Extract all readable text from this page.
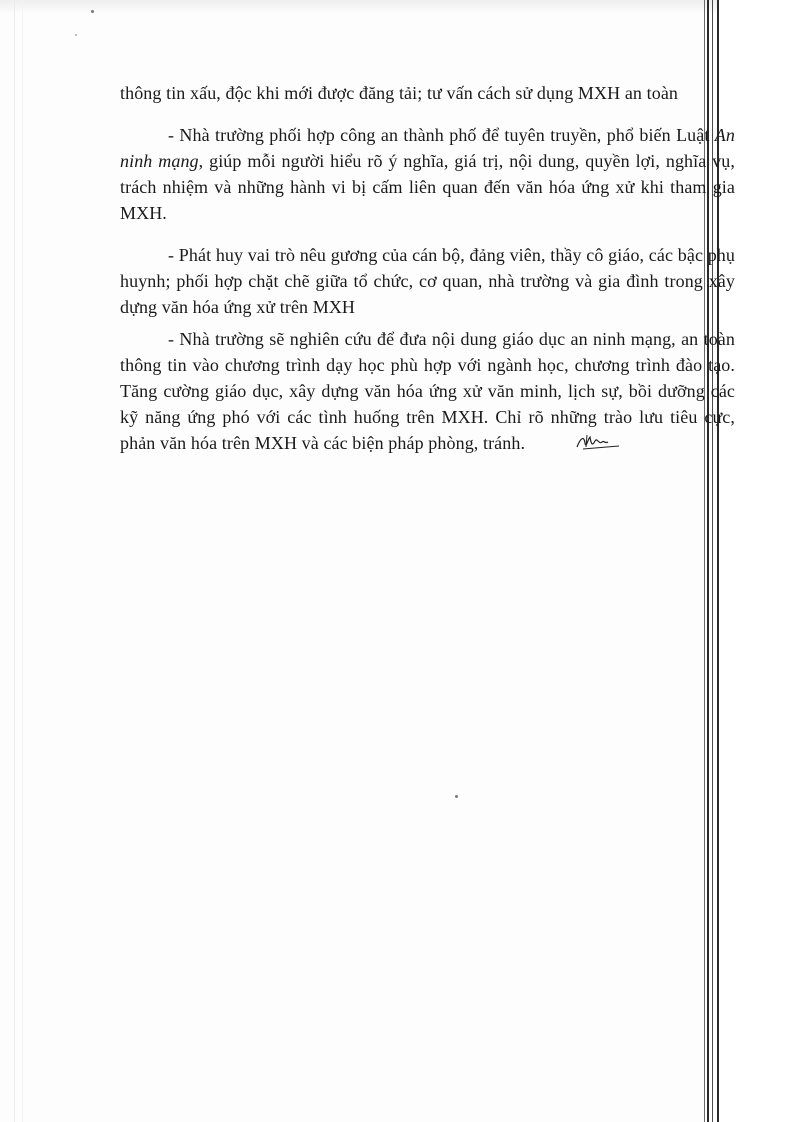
thông tin xấu, độc khi mới được đăng tải; tư vấn cách sử dụng MXH an toàn

- Nhà trường phối hợp công an thành phố để tuyên truyền, phổ biến Luật An ninh mạng, giúp mỗi người hiểu rõ ý nghĩa, giá trị, nội dung, quyền lợi, nghĩa vụ, trách nhiệm và những hành vi bị cấm liên quan đến văn hóa ứng xử khi tham gia MXH.

- Phát huy vai trò nêu gương của cán bộ, đảng viên, thầy cô giáo, các bậc phụ huynh; phối hợp chặt chẽ giữa tổ chức, cơ quan, nhà trường và gia đình trong xây dựng văn hóa ứng xử trên MXH

- Nhà trường sẽ nghiên cứu để đưa nội dung giáo dục an ninh mạng, an toàn thông tin vào chương trình dạy học phù hợp với ngành học, chương trình đào tạo. Tăng cường giáo dục, xây dựng văn hóa ứng xử văn minh, lịch sự, bồi dưỡng các kỹ năng ứng phó với các tình huống trên MXH. Chỉ rõ những trào lưu tiêu cực, phản văn hóa trên MXH và các biện pháp phòng, tránh.
